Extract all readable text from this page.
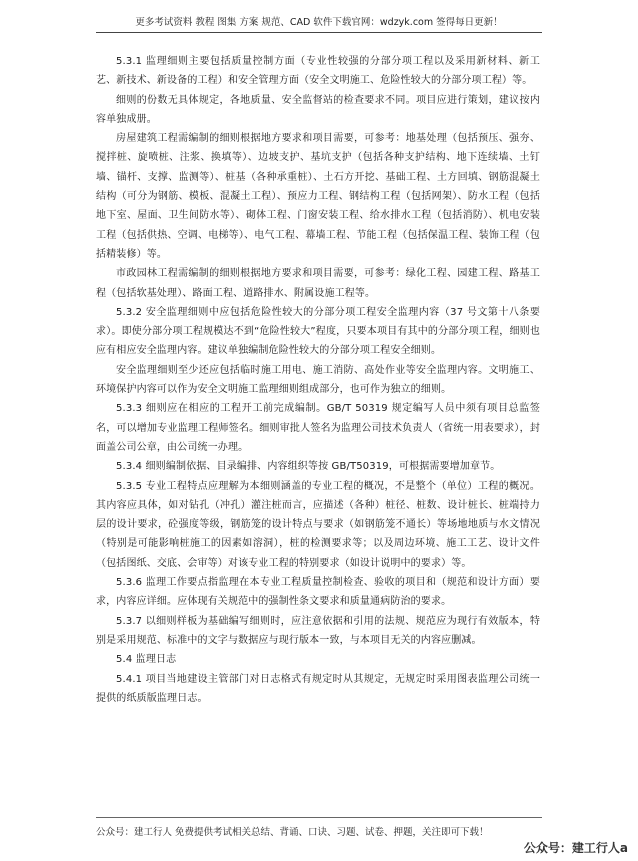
更多考试资料 教程 图集 方案 规范、CAD 软件下载官网：wdzyk.com 签得每日更新！

5.3.1 监理细则主要包括质量控制方面（专业性较强的分部分项工程以及采用新材料、新工艺、新技术、新设备的工程）和安全管理方面（安全文明施工、危险性较大的分部分项工程）等。

细则的份数无具体规定，各地质量、安全监督站的检查要求不同。项目应进行策划，建议按内容单独成册。

房屋建筑工程需编制的细则根据地方要求和项目需要，可参考：地基处理（包括预压、强夯、搅拌桩、旋喷桩、注浆、换填等）、边坡支护、基坑支护（包括各种支护结构、地下连续墙、土钉墙、锚杆、支撑、监测等）、桩基（各种承重桩）、土石方开挖、基础工程、土方回填、钢筋混凝土结构（可分为钢筋、模板、混凝土工程）、预应力工程、钢结构工程（包括网架）、防水工程（包括地下室、屋面、卫生间防水等）、砌体工程、门窗安装工程、给水排水工程（包括消防）、机电安装工程（包括供热、空调、电梯等）、电气工程、幕墙工程、节能工程（包括保温工程、装饰工程（包括精装修）等。

市政园林工程需编制的细则根据地方要求和项目需要，可参考：绿化工程、园建工程、路基工程（包括软基处理）、路面工程、道路排水、附属设施工程等。

5.3.2 安全监理细则中应包括危险性较大的分部分项工程安全监理内容（37 号文第十八条要求）。即使分部分项工程规模达不到“危险性较大”程度，只要本项目有其中的分部分项工程，细则也应有相应安全监理内容。建议单独编制危险性较大的分部分项工程安全细则。

安全监理细则至少还应包括临时施工用电、施工消防、高处作业等安全监理内容。文明施工、环境保护内容可以作为安全文明施工监理细则组成部分，也可作为独立的细则。

5.3.3 细则应在相应的工程开工前完成编制。GB/T 50319 规定编写人员中须有项目总监签名，可以增加专业监理工程师签名。细则审批人签名为监理公司技术负责人（省统一用表要求），封面盖公司公章，由公司统一办理。

5.3.4 细则编制依据、目录编排、内容组织等按 GB/T50319，可根据需要增加章节。

5.3.5 专业工程特点应理解为本细则涵盖的专业工程的概况，不是整个（单位）工程的概况。其内容应具体，如对钻孔（冲孔）灌注桩而言，应描述（各种）桩径、桩数、设计桩长、桩端持力层的设计要求，砼强度等级，钢筋笼的设计特点与要求（如钢筋笼不通长）等场地地质与水文情况（特别是可能影响桩施工的因素如溶洞），桩的检测要求等；以及周边环境、施工工艺、设计文件（包括图纸、交底、会审等）对该专业工程的特别要求（如设计说明中的要求）等。

5.3.6 监理工作要点指监理在本专业工程质量控制检查、验收的项目和（规范和设计方面）要求，内容应详细。应体现有关规范中的强制性条文要求和质量通病防治的要求。

5.3.7 以细则样板为基础编写细则时，应注意依据和引用的法规、规范应为现行有效版本，特别是采用规范、标准中的文字与数据应与现行版本一致，与本项目无关的内容应删减。

5.4 监理日志

5.4.1 项目当地建设主管部门对日志格式有规定时从其规定，无规定时采用图表监理公司统一提供的纸质版监理日志。

公众号：建工行人 免费提供考试相关总结、背诵、口诀、习题、试卷、押题，关注即可下载！
公众号：建工行人a
